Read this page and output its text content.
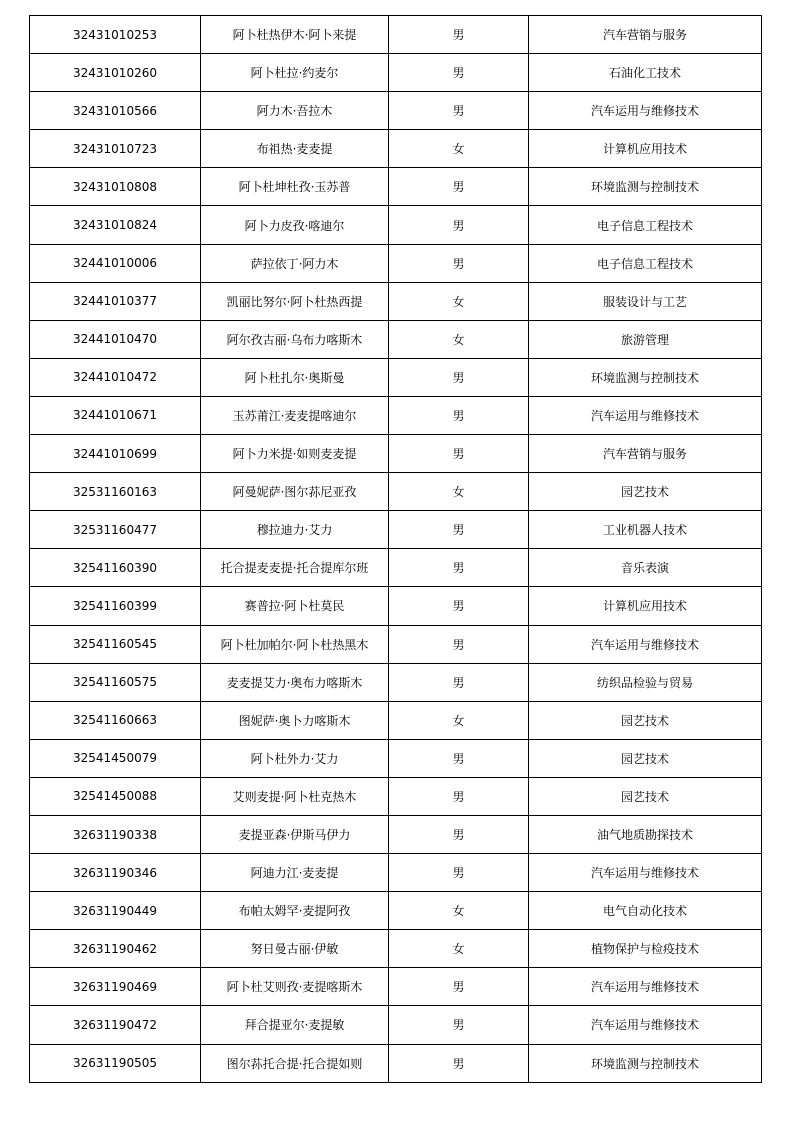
32431010253	阿卜杜热伊木·阿卜来提	男	汽车营销与服务
32431010260	阿卜杜拉·约麦尔	男	石油化工技术
32431010566	阿力木·吾拉木	男	汽车运用与维修技术
32431010723	布祖热·麦麦提	女	计算机应用技术
32431010808	阿卜杜坤杜孜·玉苏普	男	环境监测与控制技术
32431010824	阿卜力皮孜·喀迪尔	男	电子信息工程技术
32441010006	萨拉依丁·阿力木	男	电子信息工程技术
32441010377	凯丽比努尔·阿卜杜热西提	女	服装设计与工艺
32441010470	阿尔孜古丽·乌布力喀斯木	女	旅游管理
32441010472	阿卜杜扎尔·奥斯曼	男	环境监测与控制技术
32441010671	玉苏莆江·麦麦提喀迪尔	男	汽车运用与维修技术
32441010699	阿卜力米提·如则麦麦提	男	汽车营销与服务
32531160163	阿曼妮萨·图尔荪尼亚孜	女	园艺技术
32531160477	穆拉迪力·艾力	男	工业机器人技术
32541160390	托合提麦麦提·托合提库尔班	男	音乐表演
32541160399	赛普拉·阿卜杜莫民	男	计算机应用技术
32541160545	阿卜杜加帕尔·阿卜杜热黑木	男	汽车运用与维修技术
32541160575	麦麦提艾力·奥布力喀斯木	男	纺织品检验与贸易
32541160663	图妮萨·奥卜力喀斯木	女	园艺技术
32541450079	阿卜杜外力·艾力	男	园艺技术
32541450088	艾则麦提·阿卜杜克热木	男	园艺技术
32631190338	麦提亚森·伊斯马伊力	男	油气地质勘探技术
32631190346	阿迪力江·麦麦提	男	汽车运用与维修技术
32631190449	布帕太姆罕·麦提阿孜	女	电气自动化技术
32631190462	努日曼古丽·伊敏	女	植物保护与检疫技术
32631190469	阿卜杜艾则孜·麦提喀斯木	男	汽车运用与维修技术
32631190472	拜合提亚尔·麦提敏	男	汽车运用与维修技术
32631190505	图尔荪托合提·托合提如则	男	环境监测与控制技术
